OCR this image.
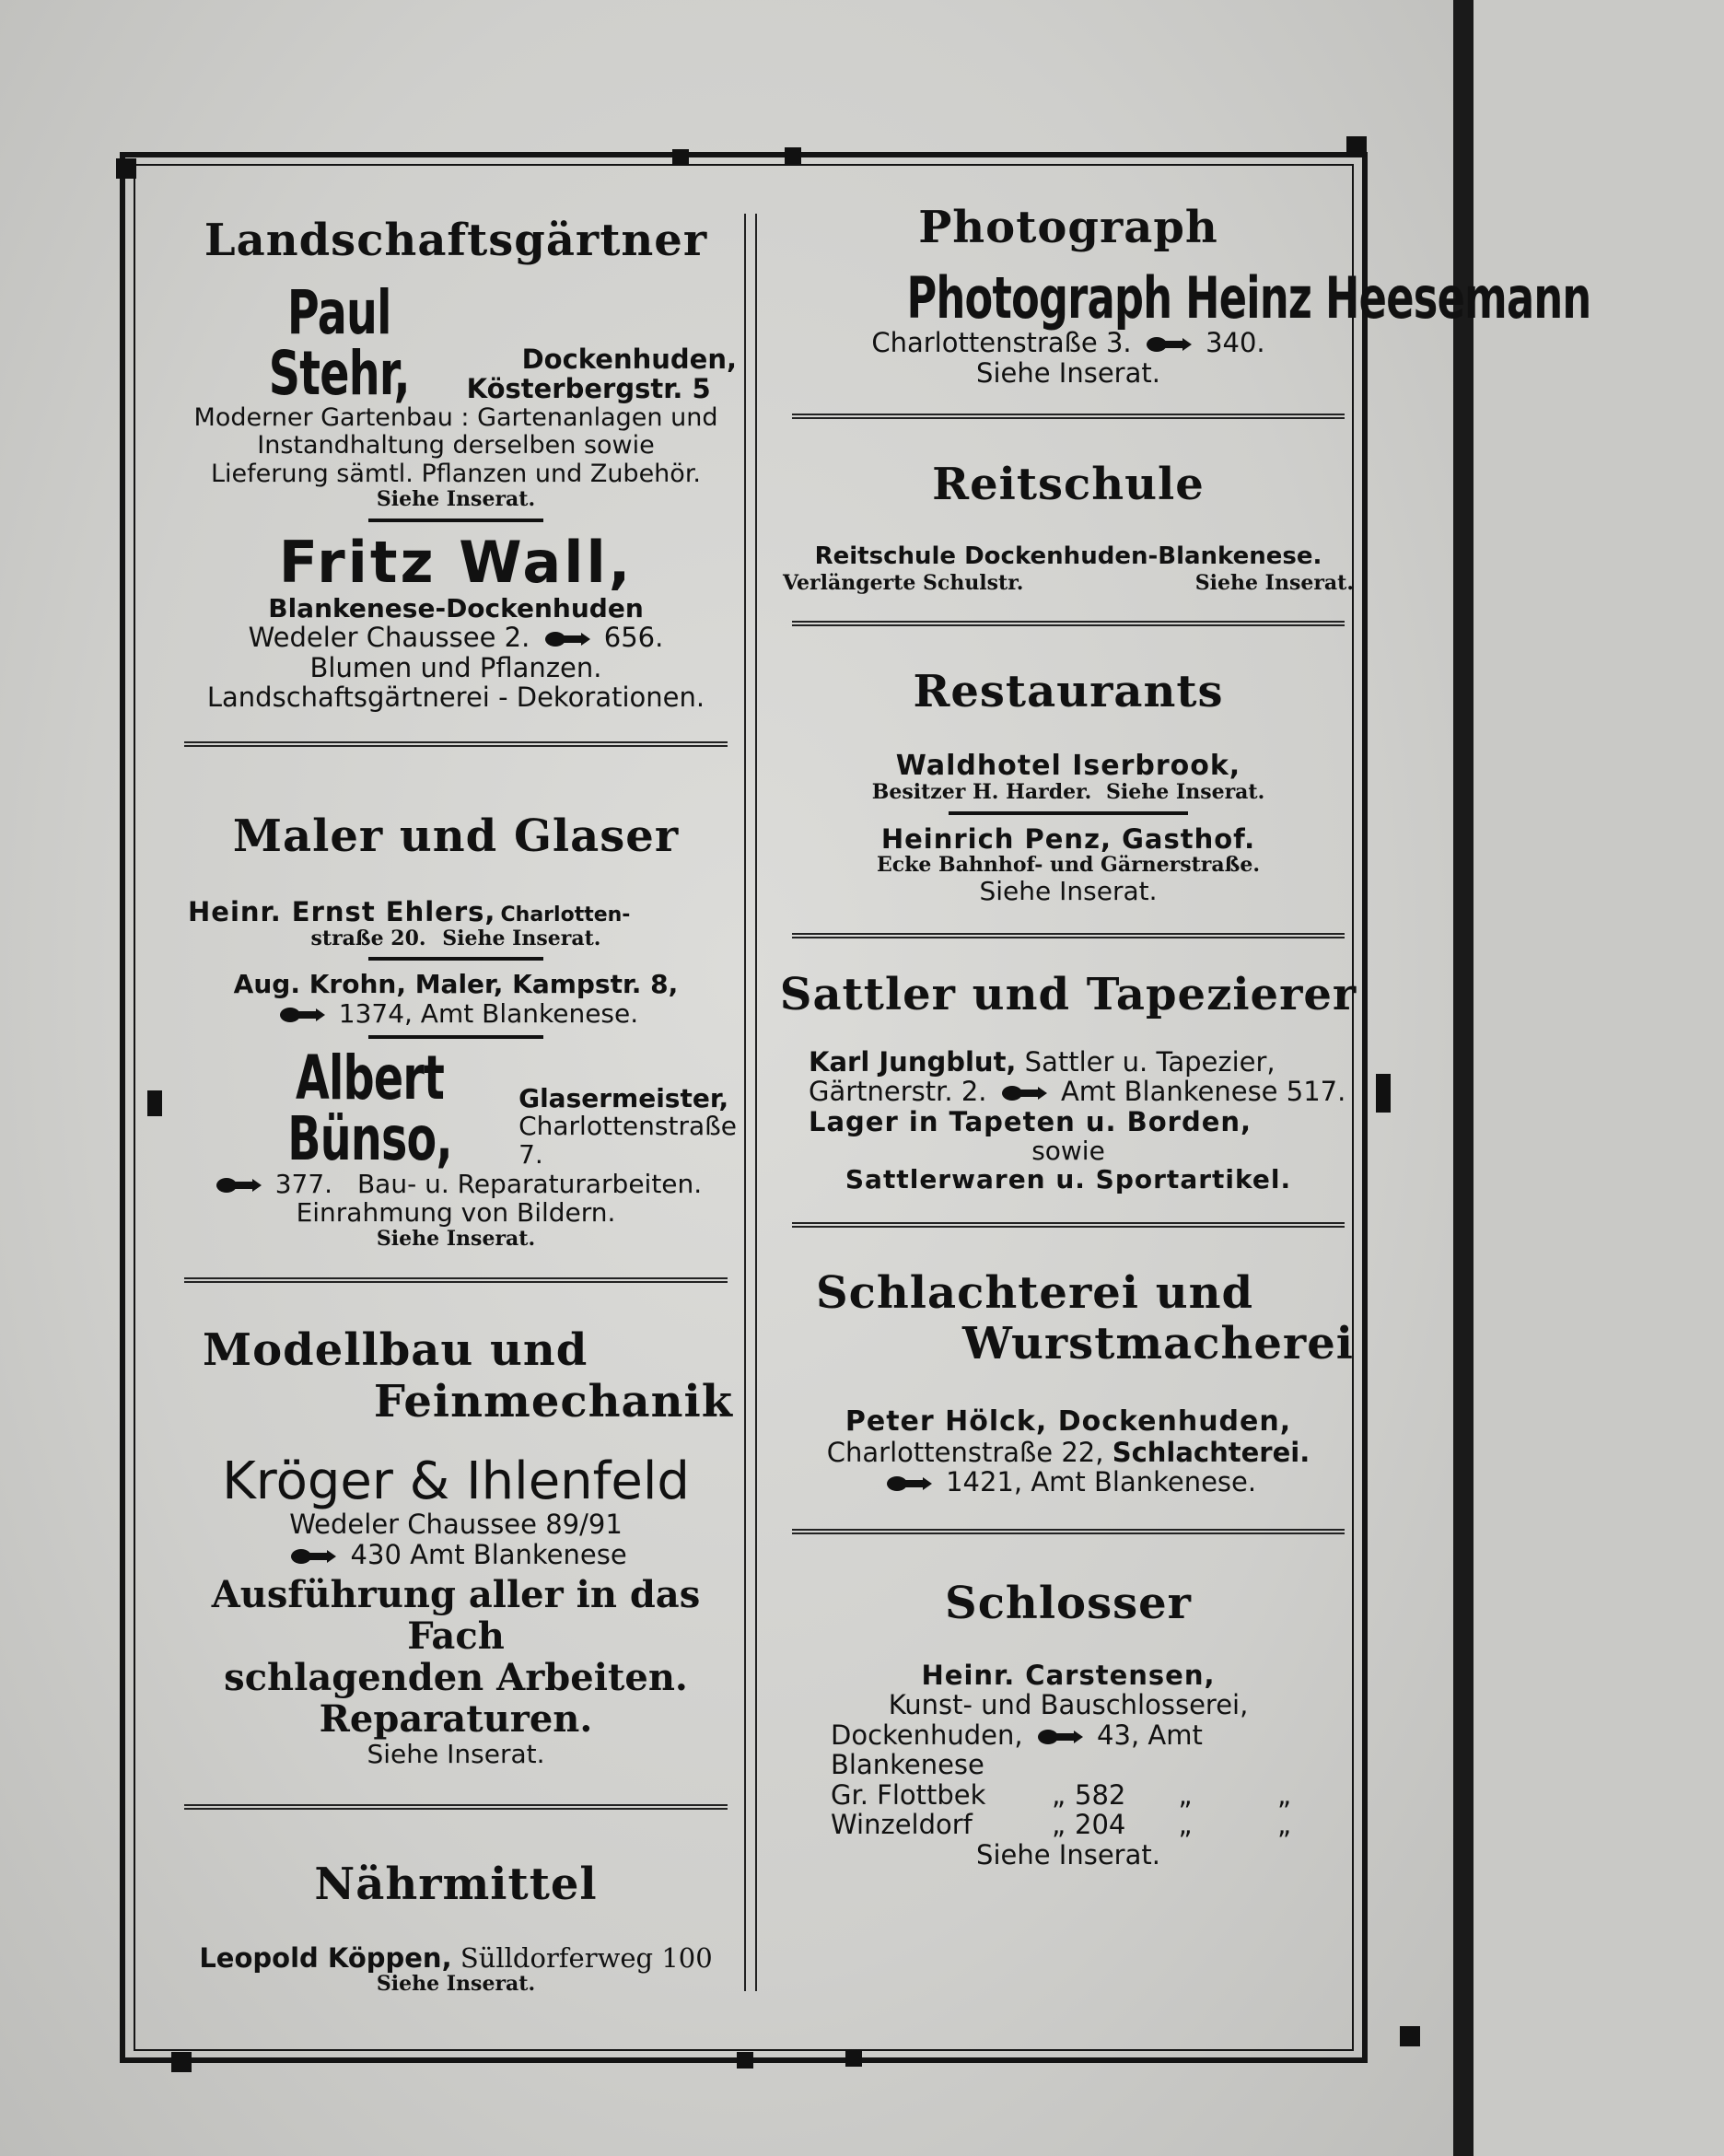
Landschaftsgärtner
Paul Stehr,	Dockenhuden,
Kösterbergstr. 5

Moderner Gartenbau : Gartenanlagen und

Instandhaltung derselben sowie

Lieferung sämtl. Pflanzen und Zubehör.

Siehe Inserat.

Fritz Wall,

Blankenese-Dockenhuden

Wedeler Chaussee 2.	656.

Blumen und Pflanzen.

Landschaftsgärtnerei - Dekorationen.

Maler und Glaser
Heinr. Ernst Ehlers, Charlotten-

straße 20. Siehe Inserat.

Aug. Krohn, Maler, Kampstr. 8,

1374, Amt Blankenese.

Albert Bünso,
Glasermeister,
Charlottenstraße 7.

377. Bau- u. Reparaturarbeiten.

Einrahmung von Bildern.

Siehe Inserat.

Modellbau und
Feinmechanik

Kröger & Ihlenfeld

Wedeler Chaussee 89/91

430 Amt Blankenese

Ausführung aller in das Fach

schlagenden Arbeiten.

Reparaturen.

Siehe Inserat.

Nährmittel

Leopold Köppen, Sülldorferweg 100

Siehe Inserat.

Photograph

Photograph Heinz Heesemann

Charlottenstraße 3.	340.

Siehe Inserat.

Reitschule

Reitschule Dockenhuden-Blankenese.

Verlängerte Schulstr.	Siehe Inserat.
Restaurants

Waldhotel Iserbrook,

Besitzer H. Harder. Siehe Inserat.

Heinrich Penz, Gasthof.

Ecke Bahnhof- und Gärnerstraße.

Siehe Inserat.

Sattler und Tapezierer

Karl Jungblut, Sattler u. Tapezier,

Gärtnerstr. 2.	Amt Blankenese 517.

Lager in Tapeten u. Borden,

sowie

Sattlerwaren u. Sportartikel.

Schlachterei und
Wurstmacherei

Peter Hölck, Dockenhuden,

Charlottenstraße 22, Schlachterei.

1421, Amt Blankenese.

Schlosser

Heinr. Carstensen,

Kunst- und Bauschlosserei,

Dockenhuden,	43, Amt Blankenese
Gr. Flottbek	„ 582	„	„
Winzeldorf	„ 204	„	„

Siehe Inserat.
